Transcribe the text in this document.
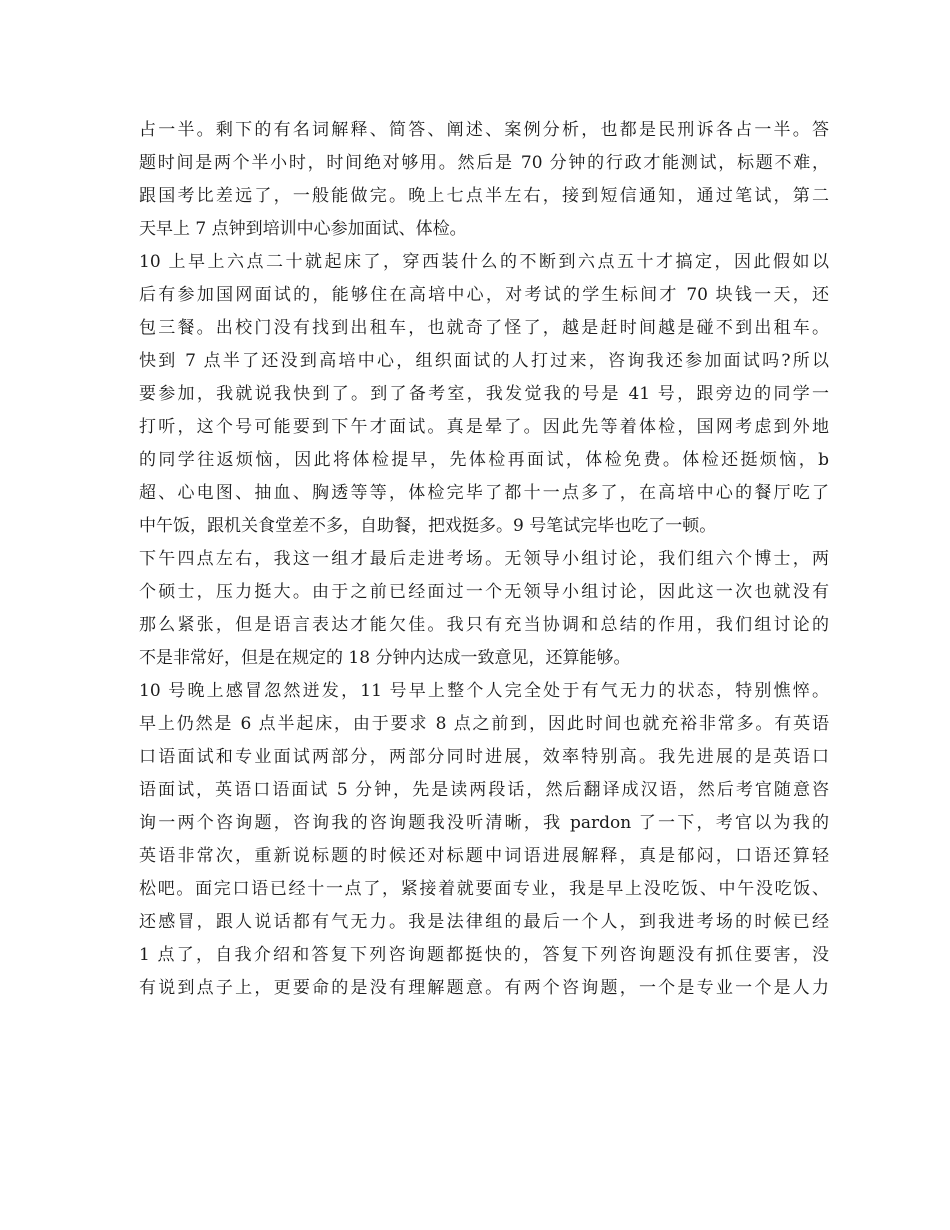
占一半。剩下的有名词解释、简答、阐述、案例分析，也都是民刑诉各占一半。答
题时间是两个半小时，时间绝对够用。然后是 70 分钟的行政才能测试，标题不难，
跟国考比差远了，一般能做完。晚上七点半左右，接到短信通知，通过笔试，第二
天早上 7 点钟到培训中心参加面试、体检。
10 上早上六点二十就起床了，穿西装什么的不断到六点五十才搞定，因此假如以
后有参加国网面试的，能够住在高培中心，对考试的学生标间才 70 块钱一天，还
包三餐。出校门没有找到出租车，也就奇了怪了，越是赶时间越是碰不到出租车。
快到 7 点半了还没到高培中心，组织面试的人打过来，咨询我还参加面试吗?所以
要参加，我就说我快到了。到了备考室，我发觉我的号是 41 号，跟旁边的同学一
打听，这个号可能要到下午才面试。真是晕了。因此先等着体检，国网考虑到外地
的同学往返烦恼，因此将体检提早，先体检再面试，体检免费。体检还挺烦恼，b
超、心电图、抽血、胸透等等，体检完毕了都十一点多了，在高培中心的餐厅吃了
中午饭，跟机关食堂差不多，自助餐，把戏挺多。9 号笔试完毕也吃了一顿。
下午四点左右，我这一组才最后走进考场。无领导小组讨论，我们组六个博士，两
个硕士，压力挺大。由于之前已经面过一个无领导小组讨论，因此这一次也就没有
那么紧张，但是语言表达才能欠佳。我只有充当协调和总结的作用，我们组讨论的
不是非常好，但是在规定的 18 分钟内达成一致意见，还算能够。
10 号晚上感冒忽然迸发，11 号早上整个人完全处于有气无力的状态，特别憔悴。
早上仍然是 6 点半起床，由于要求 8 点之前到，因此时间也就充裕非常多。有英语
口语面试和专业面试两部分，两部分同时进展，效率特别高。我先进展的是英语口
语面试，英语口语面试 5 分钟，先是读两段话，然后翻译成汉语，然后考官随意咨
询一两个咨询题，咨询我的咨询题我没听清晰，我 pardon 了一下，考官以为我的
英语非常次，重新说标题的时候还对标题中词语进展解释，真是郁闷，口语还算轻
松吧。面完口语已经十一点了，紧接着就要面专业，我是早上没吃饭、中午没吃饭、
还感冒，跟人说话都有气无力。我是法律组的最后一个人，到我进考场的时候已经
1 点了，自我介绍和答复下列咨询题都挺快的，答复下列咨询题没有抓住要害，没
有说到点子上，更要命的是没有理解题意。有两个咨询题，一个是专业一个是人力
